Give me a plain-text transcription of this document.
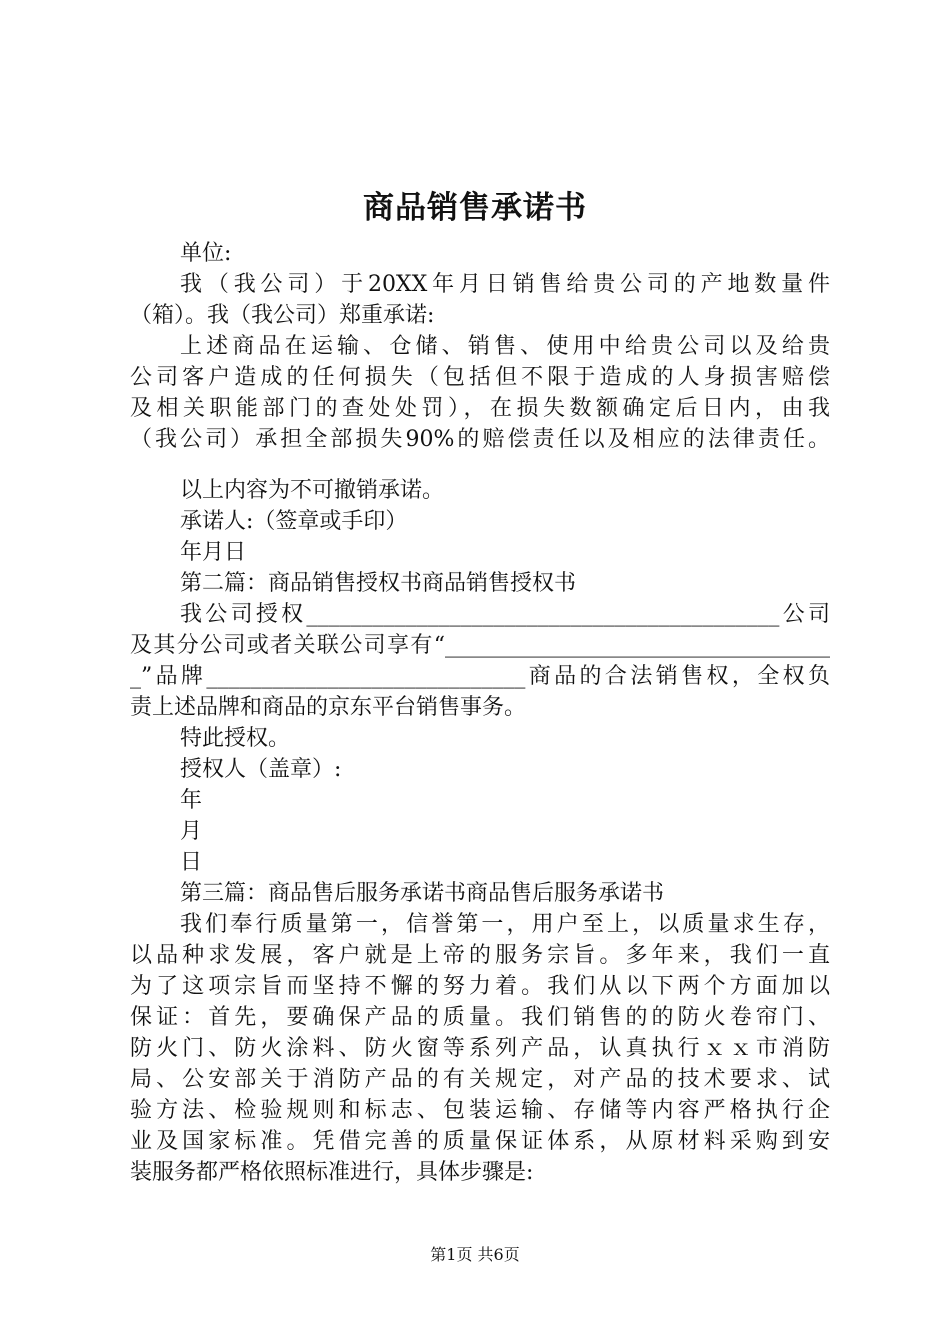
商品销售承诺书
单位:
我（我公司）于20XX年月日销售给贵公司的产地数量件
（箱）。我（我公司）郑重承诺:
上述商品在运输、仓储、销售、使用中给贵公司以及给贵
公司客户造成的任何损失（包括但不限于造成的人身损害赔偿
及相关职能部门的查处处罚），在损失数额确定后日内，由我
（我公司）承担全部损失90%的赔偿责任以及相应的法律责任。
以上内容为不可撤销承诺。
承诺人:（签章或手印）
年月日
第二篇：商品销售授权书商品销售授权书
我公司授权___________________________________________公司
及其分公司或者关联公司享有“___________________________________
_”品牌_____________________________商品的合法销售权，全权负
责上述品牌和商品的京东平台销售事务。
特此授权。
授权人（盖章）:
年
月
日
第三篇：商品售后服务承诺书商品售后服务承诺书
我们奉行质量第一，信誉第一，用户至上，以质量求生存，
以品种求发展，客户就是上帝的服务宗旨。多年来，我们一直
为了这项宗旨而坚持不懈的努力着。我们从以下两个方面加以
保证：首先，要确保产品的质量。我们销售的的防火卷帘门、
防火门、防火涂料、防火窗等系列产品，认真执行ｘｘ市消防
局、公安部关于消防产品的有关规定，对产品的技术要求、试
验方法、检验规则和标志、包装运输、存储等内容严格执行企
业及国家标准。凭借完善的质量保证体系，从原材料采购到安
装服务都严格依照标准进行，具体步骤是:
第1页 共6页
